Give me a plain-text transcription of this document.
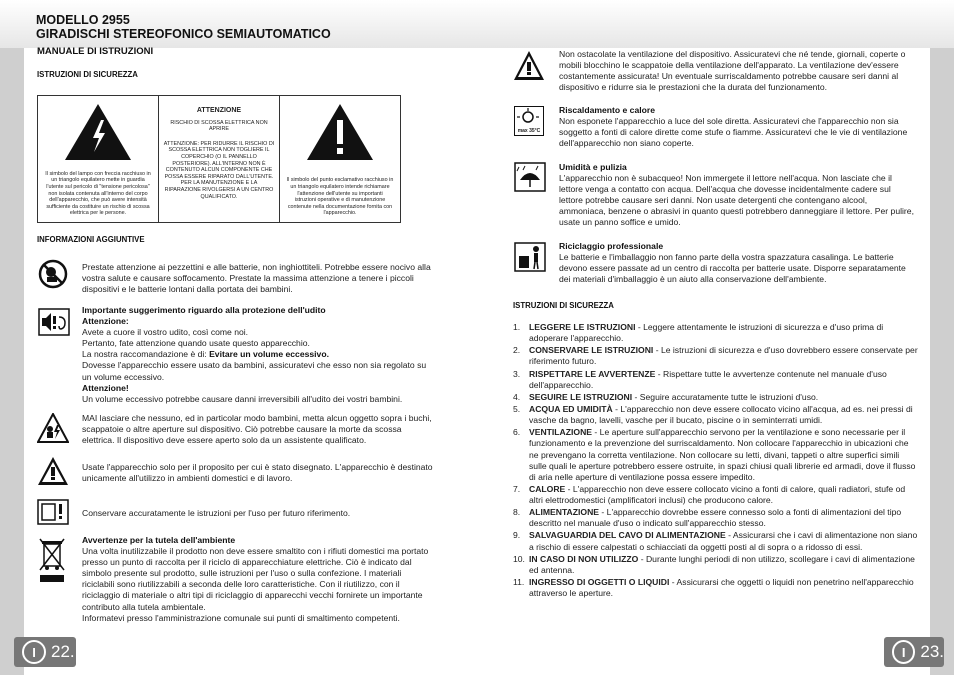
MODELLO 2955
GIRADISCHI STEREOFONICO SEMIAUTOMATICO
MANUALE DI ISTRUZIONI
ISTRUZIONI DI SICUREZZA
Il simbolo del lampo con freccia racchiuso in un triangolo equilatero mette in guardia l'utente sul pericolo di "tensione pericolosa" non isolata contenuta all'interno del corpo dell'apparecchio, che può avere intensità sufficiente da costituire un rischio di scossa elettrica per le persone.
ATTENZIONE
RISCHIO DI SCOSSA ELETTRICA NON APRIRE
ATTENZIONE: PER RIDURRE IL RISCHIO DI SCOSSA ELETTRICA NON TOGLIERE IL COPERCHIO (O IL PANNELLO POSTERIORE). ALL'INTERNO NON È CONTENUTO ALCUN COMPONENTE CHE POSSA ESSERE RIPARATO DALL'UTENTE. PER LA MANUTENZIONE E LA RIPARAZIONE RIVOLGERSI A UN CENTRO QUALIFICATO.
Il simbolo del punto esclamativo racchiuso in un triangolo equilatero intende richiamare l'attenzione dell'utente su importanti istruzioni operative e di manutenzione contenute nella documentazione fornita con l'apparecchio.
INFORMAZIONI AGGIUNTIVE
Prestate attenzione ai pezzettini e alle batterie, non inghiottiteli. Potrebbe essere nocivo alla vostra salute e causare soffocamento. Prestate la massima attenzione a tenere i piccoli dispositivi e le batterie lontani dalla portata dei bambini.
Importante suggerimento riguardo alla protezione dell'udito
Attenzione:
Avete a cuore il vostro udito, così come noi.
Pertanto, fate attenzione quando usate questo apparecchio.
La nostra raccomandazione è di: Evitare un volume eccessivo.
Dovesse l'apparecchio essere usato da bambini, assicuratevi che esso non sia regolato su un volume eccessivo.
Attenzione!
Un volume eccessivo potrebbe causare danni irreversibili all'udito dei vostri bambini.
MAI lasciare che nessuno, ed in particolar modo bambini, metta alcun oggetto sopra i buchi, scappatoie o altre aperture sul dispositivo. Ciò potrebbe causare la morte da scossa elettrica. Il dispositivo deve essere aperto solo da un assistente qualificato.
Usate l'apparecchio solo per il proposito per cui è stato disegnato. L'apparecchio è destinato unicamente all'utilizzo in ambienti domestici e di lavoro.
Conservare accuratamente le istruzioni per l'uso per futuro riferimento.
Avvertenze per la tutela dell'ambiente
Una volta inutilizzabile il prodotto non deve essere smaltito con i rifiuti domestici ma portato presso un punto di raccolta per il riciclo di apparecchiature elettriche. Ciò è indicato dal simbolo presente sul prodotto, sulle istruzioni per l'uso o sulla confezione. I materiali riciclabili sono riutilizzabili a seconda delle loro caratteristiche. Con il riutilizzo, con il riciclaggio di materiale o altri tipi di riciclaggio di apparecchi vecchi fornirete un importante contributo alla tutela ambientale.
Informatevi presso l'amministrazione comunale sui punti di smaltimento competenti.
I 22.
Non ostacolate la ventilazione del dispositivo. Assicuratevi che né tende, giornali, coperte o mobili blocchino le scappatoie della ventilazione dell'apparato. La ventilazione dev'essere costantemente assicurata! Un eventuale surriscaldamento potrebbe causare seri danni al dispositivo e ridurre sia le prestazioni che la durata del funzionamento.
max 35°C
Riscaldamento e calore
Non esponete l'apparecchio a luce del sole diretta. Assicuratevi che l'apparecchio non sia soggetto a fonti di calore dirette come stufe o fiamme. Assicuratevi che le vie di ventilazione dell'apparecchio non siano coperte.
Umidità e pulizia
L'apparecchio non è subacqueo! Non immergete il lettore nell'acqua. Non lasciate che il lettore venga a contatto con acqua. Dell'acqua che dovesse incidentalmente cadere sul lettore potrebbe causare seri danni. Non usate detergenti che contengano alcool, ammoniaca, benzene o abrasivi in quanto questi potrebbero danneggiare il lettore. Per pulire, usate un panno soffice e umido.
Riciclaggio professionale
Le batterie e l'imballaggio non fanno parte della vostra spazzatura casalinga. Le batterie devono essere passate ad un centro di raccolta per batterie usate. Disporre separatamente dei materiali d'imballaggio è un aiuto alla conservazione dell'ambiente.
ISTRUZIONI DI SICUREZZA
1. LEGGERE LE ISTRUZIONI - Leggere attentamente le istruzioni di sicurezza e d'uso prima di adoperare l'apparecchio.
2. CONSERVARE LE ISTRUZIONI - Le istruzioni di sicurezza e d'uso dovrebbero essere conservate per riferimento futuro.
3. RISPETTARE LE AVVERTENZE - Rispettare tutte le avvertenze contenute nel manuale d'uso dell'apparecchio.
4. SEGUIRE LE ISTRUZIONI - Seguire accuratamente tutte le istruzioni d'uso.
5. ACQUA ED UMIDITÀ - L'apparecchio non deve essere collocato vicino all'acqua, ad es. nei pressi di vasche da bagno, lavelli, vasche per il bucato, piscine o in seminterrati umidi.
6. VENTILAZIONE - Le aperture sull'apparecchio servono per la ventilazione e sono necessarie per il funzionamento e la prevenzione del surriscaldamento. Non collocare l'apparecchio in ubicazioni che ne prevengano la corretta ventilazione. Non collocare su letti, divani, tappeti o altre superfici simili sulle quali le aperture potrebbero essere ostruite, in spazi chiusi quali librerie ed armadi, dove il flusso di aria nelle aperture di ventilazione possa essere impedito.
7. CALORE - L'apparecchio non deve essere collocato vicino a fonti di calore, quali radiatori, stufe od altri elettrodomestici (amplificatori inclusi) che producono calore.
8. ALIMENTAZIONE - L'apparecchio dovrebbe essere connesso solo a fonti di alimentazioni del tipo descritto nel manuale d'uso o indicato sull'apparecchio stesso.
9. SALVAGUARDIA DEL CAVO DI ALIMENTAZIONE - Assicurarsi che i cavi di alimentazione non siano a rischio di essere calpestati o schiacciati da oggetti posti al di sopra o a ridosso di essi.
10. IN CASO DI NON UTILIZZO - Durante lunghi periodi di non utilizzo, scollegare i cavi di alimentazione ed antenna.
11. INGRESSO DI OGGETTI O LIQUIDI - Assicurarsi che oggetti o liquidi non penetrino nell'apparecchio attraverso le aperture.
I 23.
